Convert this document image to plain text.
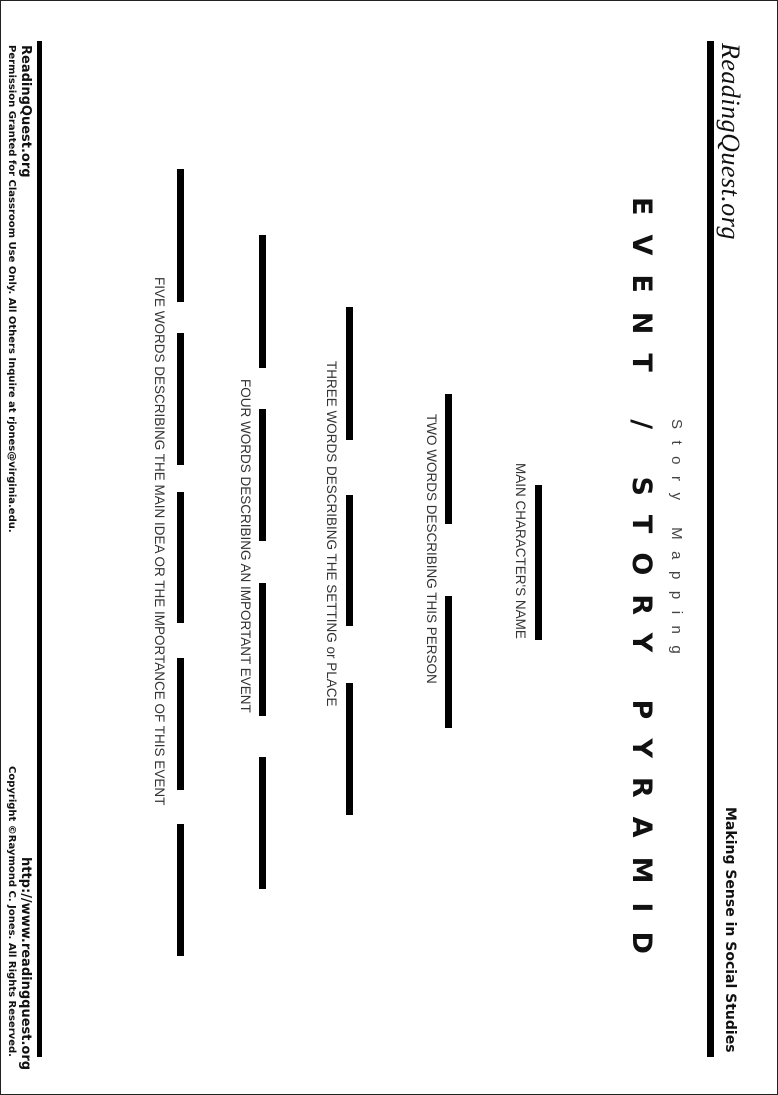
ReadingQuest.org
EVENT / STORY PYRAMID Story Mapping
Making Sense in Social Studies
MAIN CHARACTER'S NAME
TWO WORDS DESCRIBING THIS PERSON
THREE WORDS DESCRIBING THE SETTING or PLACE
FOUR WORDS DESCRIBING AN IMPORTANT EVENT
FIVE WORDS DESCRIBING THE MAIN IDEA OR THE IMPORTANCE OF THIS EVENT
ReadingQuest.org
Permission Granted for Classroom Use Only. All Others Inquire at rjones@virginia.edu.
http://www.readingquest.org
Copyright ©Raymond C. Jones. All Rights Reserved.
